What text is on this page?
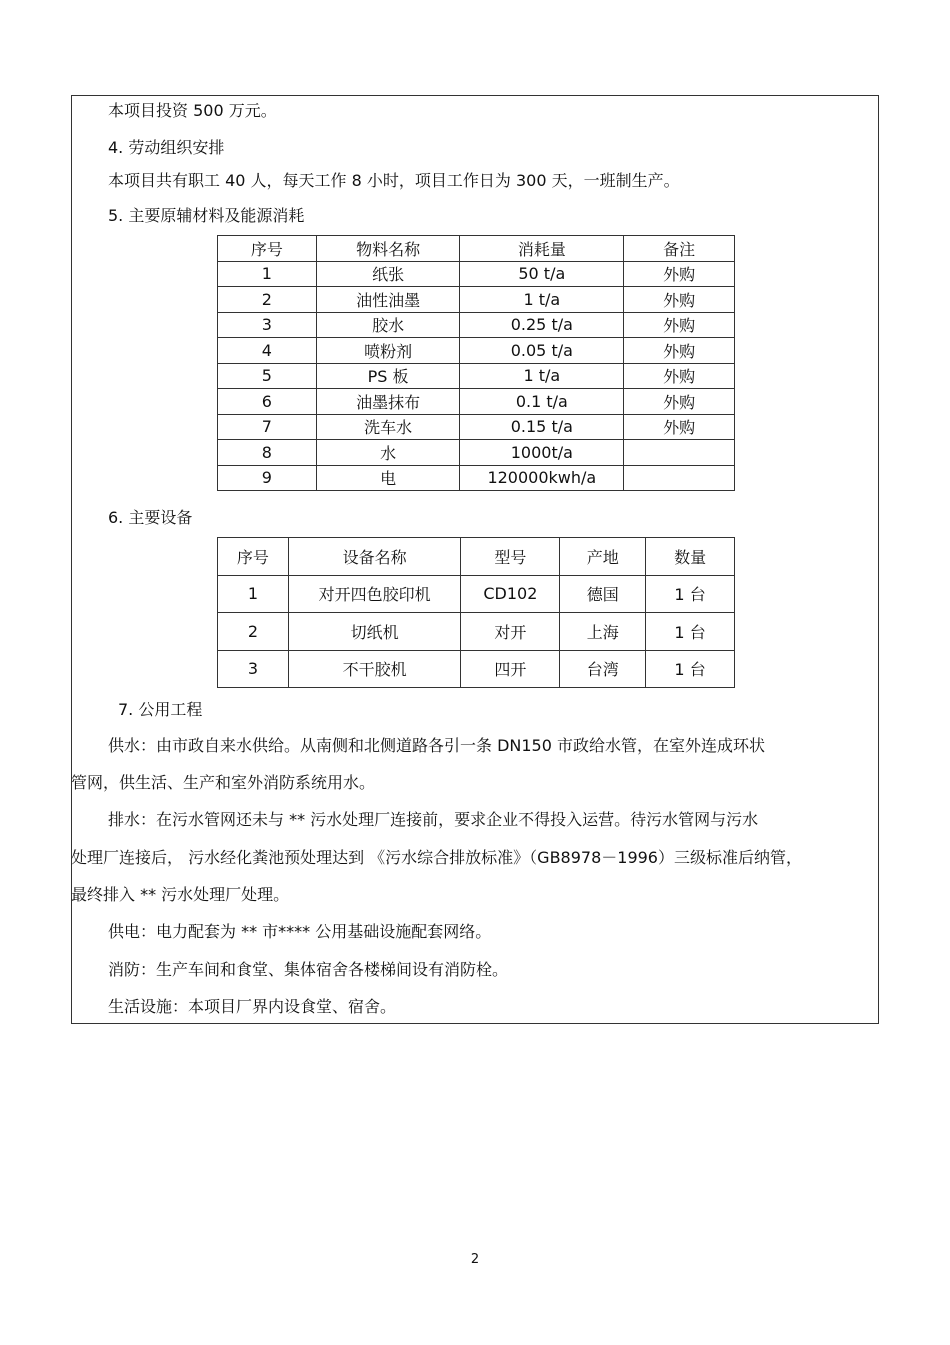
本项目投资 500 万元。
4. 劳动组织安排
本项目共有职工 40 人，每天工作 8 小时，项目工作日为 300 天，一班制生产。
5. 主要原辅材料及能源消耗
序号	物料名称	消耗量	备注
1	纸张	50 t/a	外购
2	油性油墨	1 t/a	外购
3	胶水	0.25 t/a	外购
4	喷粉剂	0.05 t/a	外购
5	PS 板	1 t/a	外购
6	油墨抹布	0.1 t/a	外购
7	洗车水	0.15 t/a	外购
8	水	1000t/a	
9	电	120000kwh/a	
6. 主要设备
序号	设备名称	型号	产地	数量
1	对开四色胶印机	CD102	德国	1 台
2	切纸机	对开	上海	1 台
3	不干胶机	四开	台湾	1 台
7. 公用工程
供水：由市政自来水供给。从南侧和北侧道路各引一条 DN150 市政给水管，在室外连成环状
管网，供生活、生产和室外消防系统用水。
排水：在污水管网还未与 ** 污水处理厂连接前，要求企业不得投入运营。待污水管网与污水
处理厂连接后， 污水经化粪池预处理达到 《污水综合排放标准》（GB8978－1996）三级标准后纳管，
最终排入 ** 污水处理厂处理。
供电：电力配套为 ** 市**** 公用基础设施配套网络。
消防：生产车间和食堂、集体宿舍各楼梯间设有消防栓。
生活设施：本项目厂界内设食堂、宿舍。
2
